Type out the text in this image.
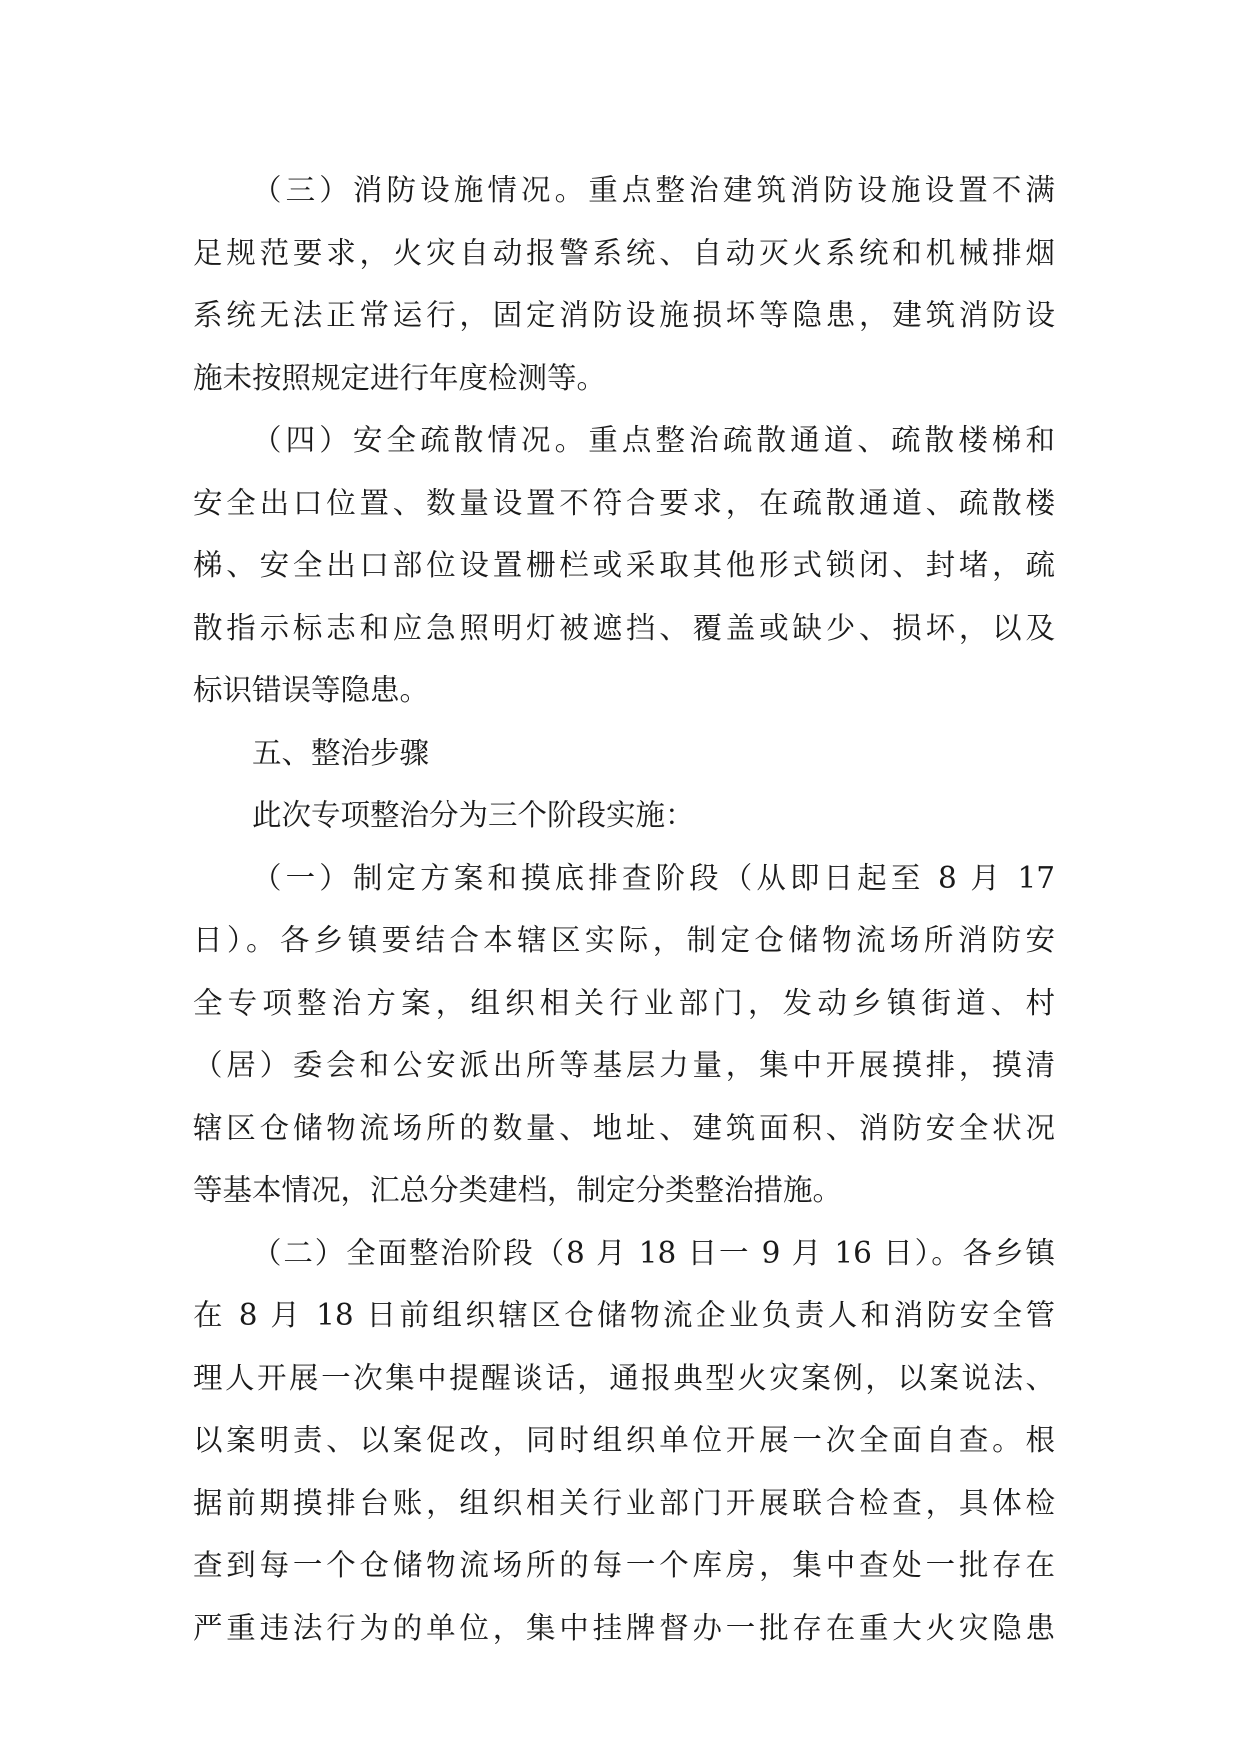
（三）消防设施情况。重点整治建筑消防设施设置不满
足规范要求，火灾自动报警系统、自动灭火系统和机械排烟
系统无法正常运行，固定消防设施损坏等隐患，建筑消防设
施未按照规定进行年度检测等。
（四）安全疏散情况。重点整治疏散通道、疏散楼梯和
安全出口位置、数量设置不符合要求，在疏散通道、疏散楼
梯、安全出口部位设置栅栏或采取其他形式锁闭、封堵，疏
散指示标志和应急照明灯被遮挡、覆盖或缺少、损坏，以及
标识错误等隐患。
五、整治步骤
此次专项整治分为三个阶段实施：
（一）制定方案和摸底排查阶段（从即日起至 8 月 17
日）。各乡镇要结合本辖区实际，制定仓储物流场所消防安
全专项整治方案，组织相关行业部门，发动乡镇街道、村
（居）委会和公安派出所等基层力量，集中开展摸排，摸清
辖区仓储物流场所的数量、地址、建筑面积、消防安全状况
等基本情况，汇总分类建档，制定分类整治措施。
（二）全面整治阶段（8 月 18 日一 9 月 16 日）。各乡镇
在 8 月 18 日前组织辖区仓储物流企业负责人和消防安全管
理人开展一次集中提醒谈话，通报典型火灾案例，以案说法、
以案明责、以案促改，同时组织单位开展一次全面自查。根
据前期摸排台账，组织相关行业部门开展联合检查，具体检
查到每一个仓储物流场所的每一个库房，集中查处一批存在
严重违法行为的单位，集中挂牌督办一批存在重大火灾隐患
